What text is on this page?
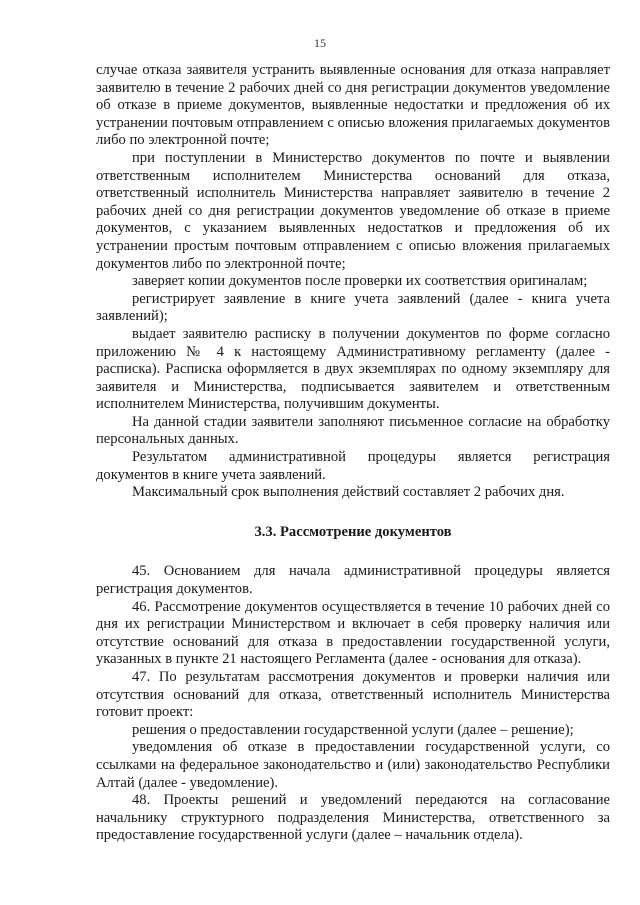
15

случае отказа заявителя устранить выявленные основания для отказа направляет заявителю в течение 2 рабочих дней со дня регистрации документов уведомление об отказе в приеме документов, выявленные недостатки и предложения об их устранении почтовым отправлением с описью вложения прилагаемых документов либо по электронной почте;

при поступлении в Министерство документов по почте и выявлении ответственным исполнителем Министерства оснований для отказа, ответственный исполнитель Министерства направляет заявителю в течение 2 рабочих дней со дня регистрации документов уведомление об отказе в приеме документов, с указанием выявленных недостатков и предложения об их устранении простым почтовым отправлением с описью вложения прилагаемых документов либо по электронной почте;

заверяет копии документов после проверки их соответствия оригиналам;

регистрирует заявление в книге учета заявлений (далее - книга учета заявлений);

выдает заявителю расписку в получении документов по форме согласно приложению № 4 к настоящему Административному регламенту (далее - расписка). Расписка оформляется в двух экземплярах по одному экземпляру для заявителя и Министерства, подписывается заявителем и ответственным исполнителем Министерства, получившим документы.

На данной стадии заявители заполняют письменное согласие на обработку персональных данных.

Результатом административной процедуры является регистрация документов в книге учета заявлений.

Максимальный срок выполнения действий составляет 2 рабочих дня.

3.3. Рассмотрение документов

45. Основанием для начала административной процедуры является регистрация документов.

46. Рассмотрение документов осуществляется в течение 10 рабочих дней со дня их регистрации Министерством и включает в себя проверку наличия или отсутствие оснований для отказа в предоставлении государственной услуги, указанных в пункте 21 настоящего Регламента (далее - основания для отказа).

47. По результатам рассмотрения документов и проверки наличия или отсутствия оснований для отказа, ответственный исполнитель Министерства готовит проект:

решения о предоставлении государственной услуги (далее – решение);

уведомления об отказе в предоставлении государственной услуги, со ссылками на федеральное законодательство и (или) законодательство Республики Алтай (далее - уведомление).

48. Проекты решений и уведомлений передаются на согласование начальнику структурного подразделения Министерства, ответственного за предоставление государственной услуги (далее – начальник отдела).
